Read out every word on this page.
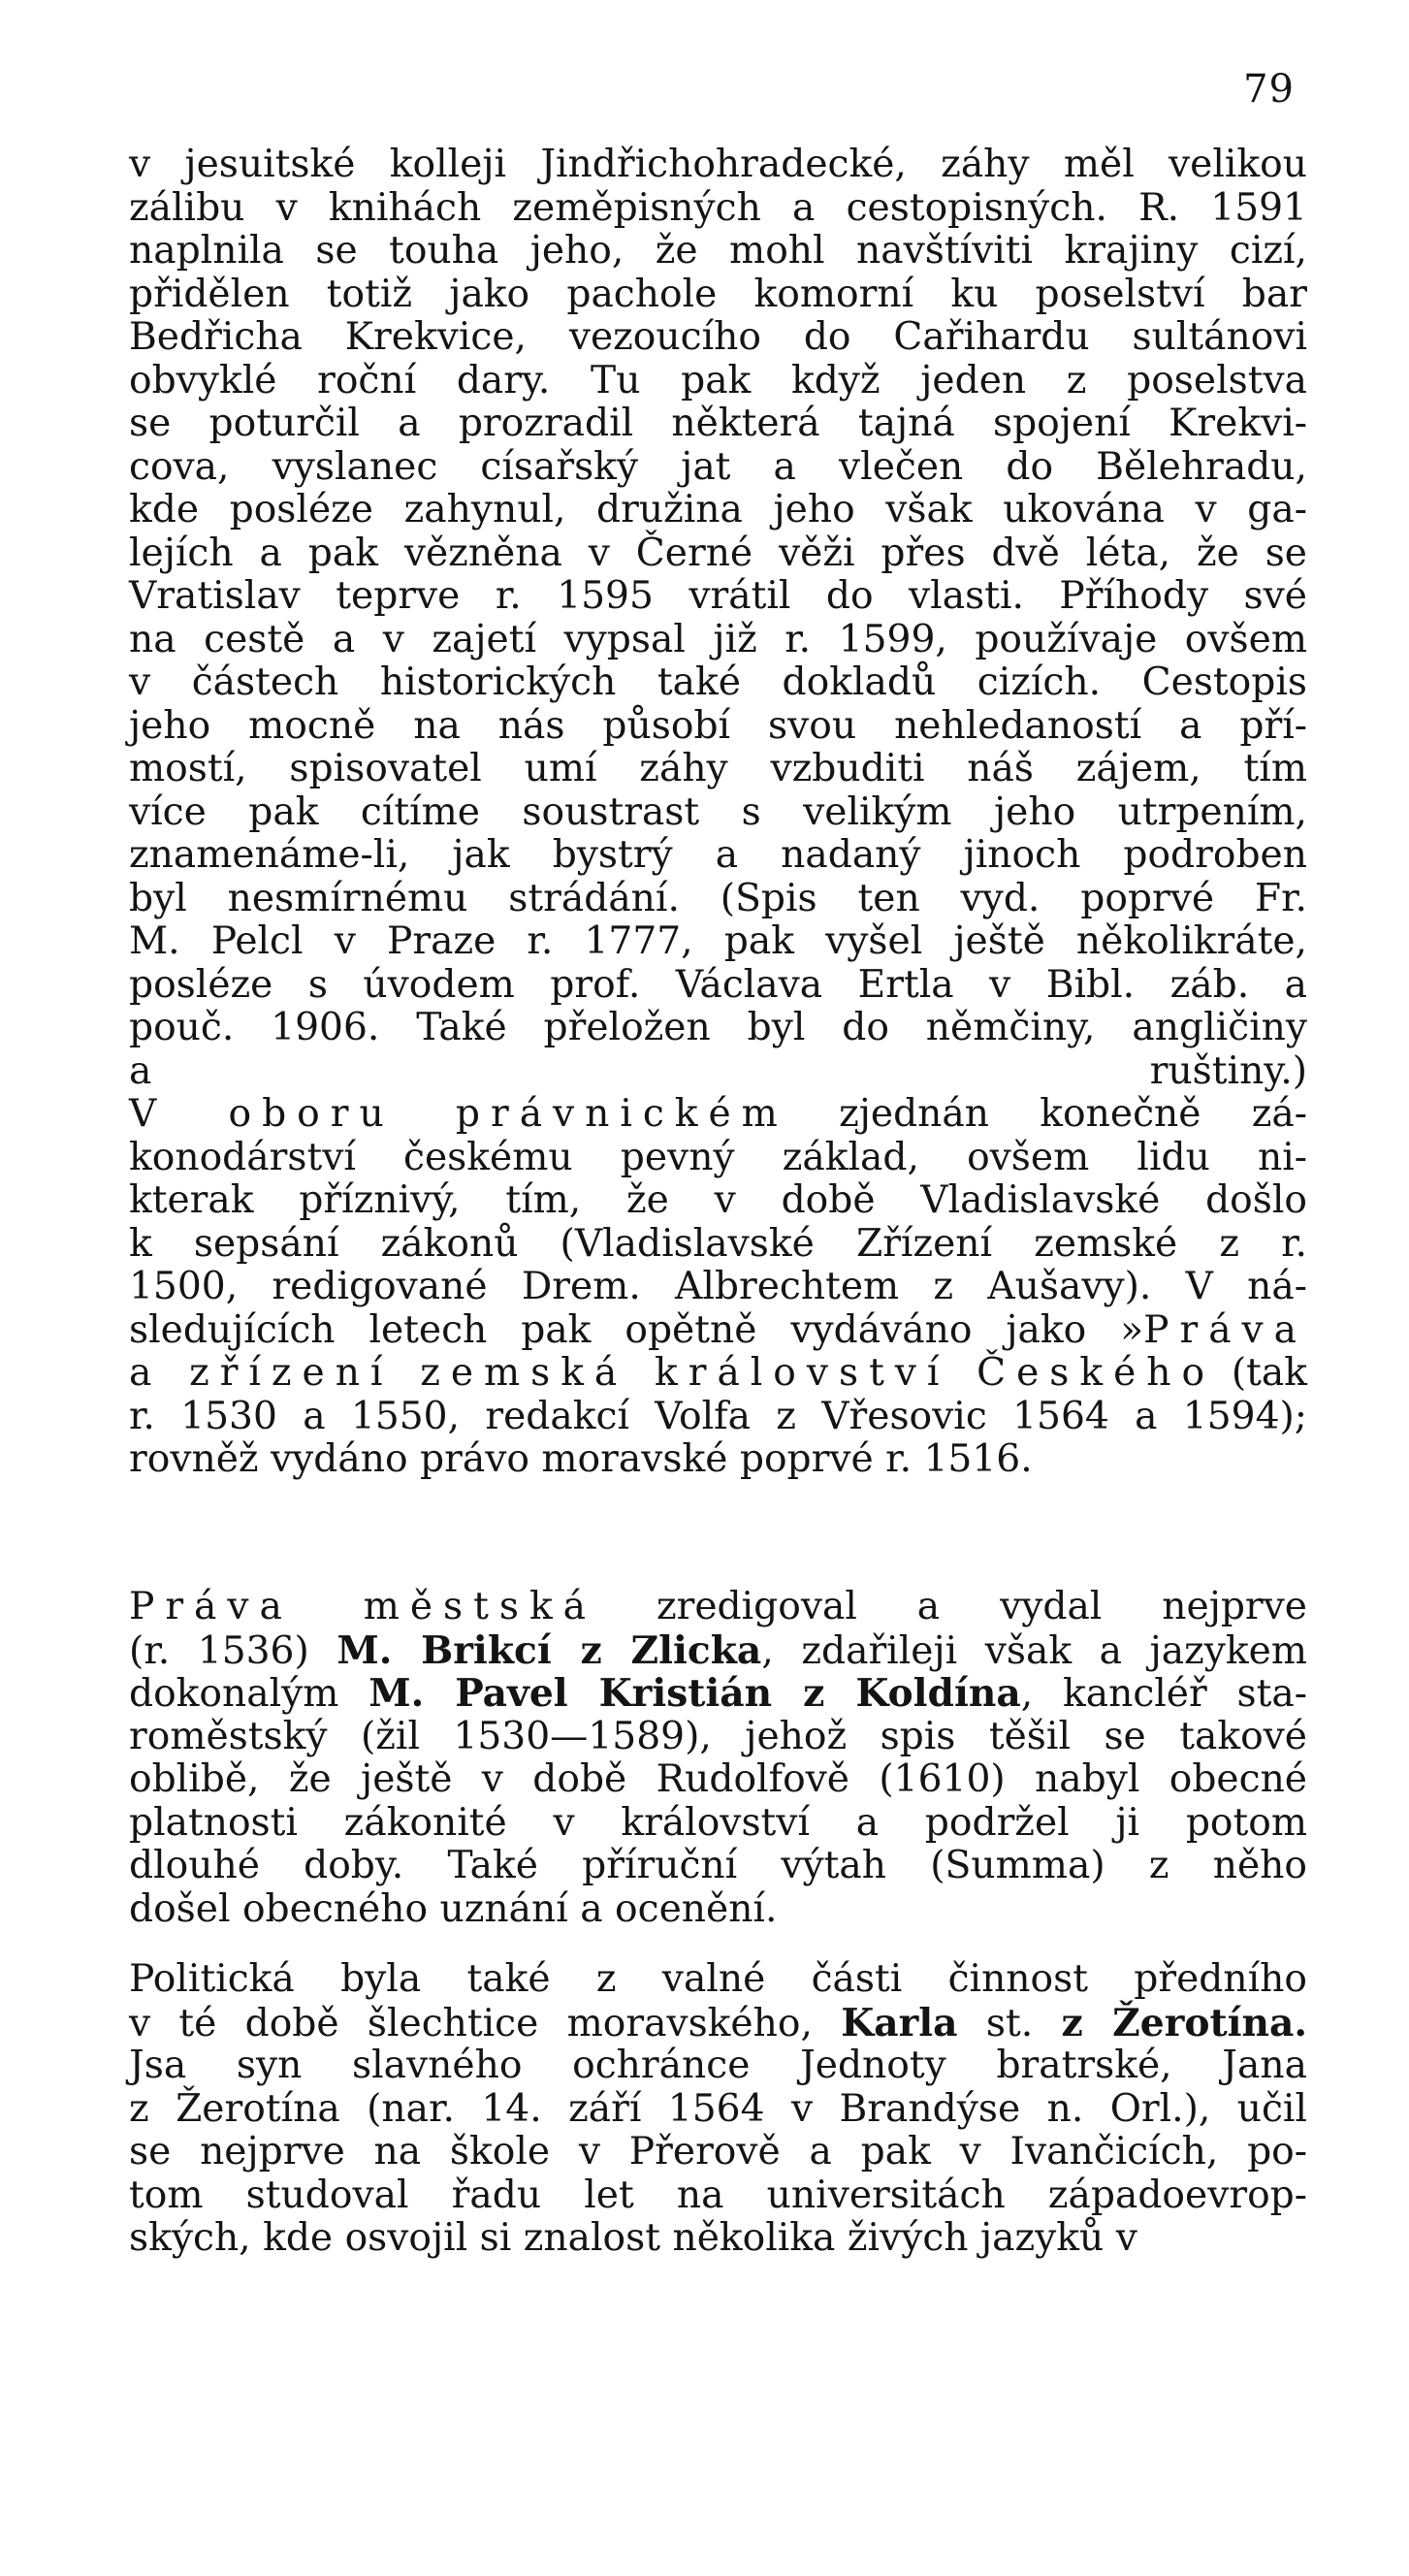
79
v jesuitské kolleji Jindřichohradecké, záhy měl velikou
zálibu v knihách zeměpisných a cestopisných. R. 1591
naplnila se touha jeho, že mohl navštíviti krajiny cizí,
přidělen totiž jako pachole komorní ku poselství bar
Bedřicha Krekvice, vezoucího do Cařihardu sultánovi
obvyklé roční dary. Tu pak když jeden z poselstva
se poturčil a prozradil některá tajná spojení Krekvi-
cova, vyslanec císařský jat a vlečen do Bělehradu,
kde posléze zahynul, družina jeho však ukována v ga-
lejích a pak vězněna v Černé věži přes dvě léta, že se
Vratislav teprve r. 1595 vrátil do vlasti. Příhody své
na cestě a v zajetí vypsal již r. 1599, používaje ovšem
v částech historických také dokladů cizích. Cestopis
jeho mocně na nás působí svou nehledaností a pří-
mostí, spisovatel umí záhy vzbuditi náš zájem, tím
více pak cítíme soustrast s velikým jeho utrpením,
znamenáme-li, jak bystrý a nadaný jinoch podroben
byl nesmírnému strádání. (Spis ten vyd. poprvé Fr.
M. Pelcl v Praze r. 1777, pak vyšel ještě několikráte,
posléze s úvodem prof. Václava Ertla v Bibl. záb. a
pouč. 1906. Také přeložen byl do němčiny, angličiny
a ruštiny.)
V oboru právnickém zjednán konečně zá-
konodárství českému pevný základ, ovšem lidu ni-
kterak příznivý, tím, že v době Vladislavské došlo
k sepsání zákonů (Vladislavské Zřízení zemské z r.
1500, redigované Drem. Albrechtem z Aušavy). V ná-
sledujících letech pak opětně vydáváno jako »Práva
a zřízení zemská království Českého (tak
r. 1530 a 1550, redakcí Volfa z Vřesovic 1564 a 1594);
rovněž vydáno právo moravské poprvé r. 1516.
Práva městská zredigoval a vydal nejprve
(r. 1536) M. Brikcí z Zlicka, zdařileji však a jazykem
dokonalým M. Pavel Kristián z Koldína, kancléř sta-
roměstský (žil 1530—1589), jehož spis těšil se takové
oblibě, že ještě v době Rudolfově (1610) nabyl obecné
platnosti zákonité v království a podržel ji potom
dlouhé doby. Také příruční výtah (Summa) z něho
došel obecného uznání a ocenění.
Politická byla také z valné části činnost předního
v té době šlechtice moravského, Karla st. z Žerotína.
Jsa syn slavného ochránce Jednoty bratrské, Jana
z Žerotína (nar. 14. září 1564 v Brandýse n. Orl.), učil
se nejprve na škole v Přerově a pak v Ivančicích, po-
tom studoval řadu let na universitách západoevrop-
ských, kde osvojil si znalost několika živých jazyků v
